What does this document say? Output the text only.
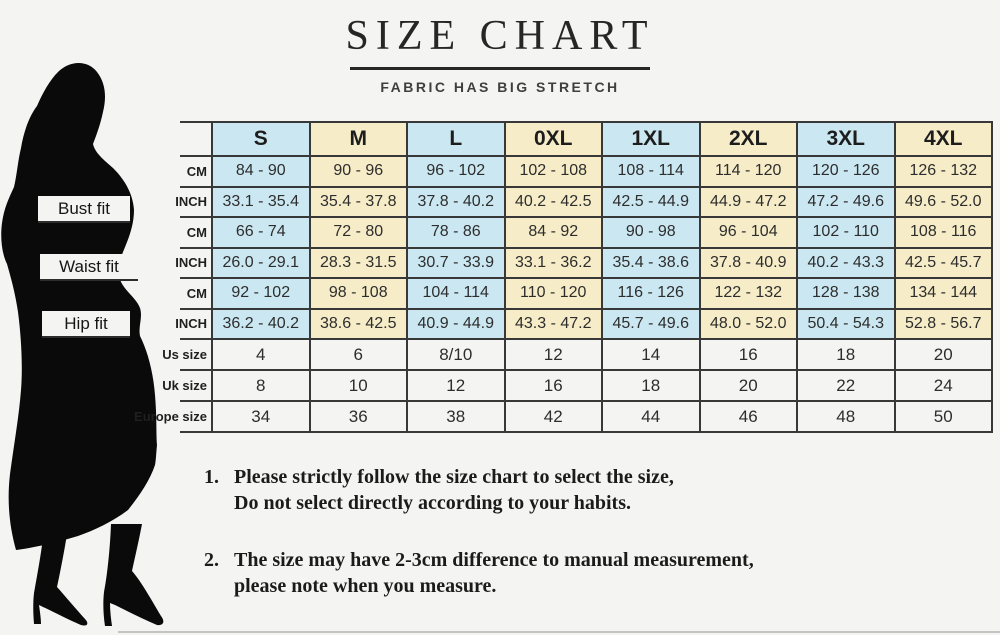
SIZE CHART
FABRIC HAS BIG STRETCH
Bust fit
Waist fit
Hip fit
S	M	L	0XL	1XL	2XL	3XL	4XL
CM	84 - 90	90 - 96	96 - 102	102 - 108	108 - 114	114 - 120	120 - 126	126 - 132
INCH 33.1 - 35.4	35.4 - 37.8	37.8 - 40.2	40.2 - 42.5	42.5 - 44.9	44.9 - 47.2	47.2 - 49.6	49.6 - 52.0
CM	66 - 74	72 - 80	78 - 86	84 - 92	90 - 98	96 - 104	102 - 110	108 - 116
INCH 26.0 - 29.1	28.3 - 31.5	30.7 - 33.9	33.1 - 36.2	35.4 - 38.6	37.8 - 40.9	40.2 - 43.3	42.5 - 45.7
CM	92 - 102	98 - 108	104 - 114	110 - 120	116 - 126	122 - 132	128 - 138	134 - 144
INCH 36.2 - 40.2	38.6 - 42.5	40.9 - 44.9	43.3 - 47.2	45.7 - 49.6	48.0 - 52.0	50.4 - 54.3	52.8 - 56.7
Us size	4	6	8/10	12	14	16	18	20
Uk size	8	10	12	16	18	20	22	24
Europe size	34	36	38	42	44	46	48	50
1. Please strictly follow the size chart to select the size,
Do not select directly according to your habits.
2. The size may have 2-3cm difference to manual measurement,
please note when you measure.
